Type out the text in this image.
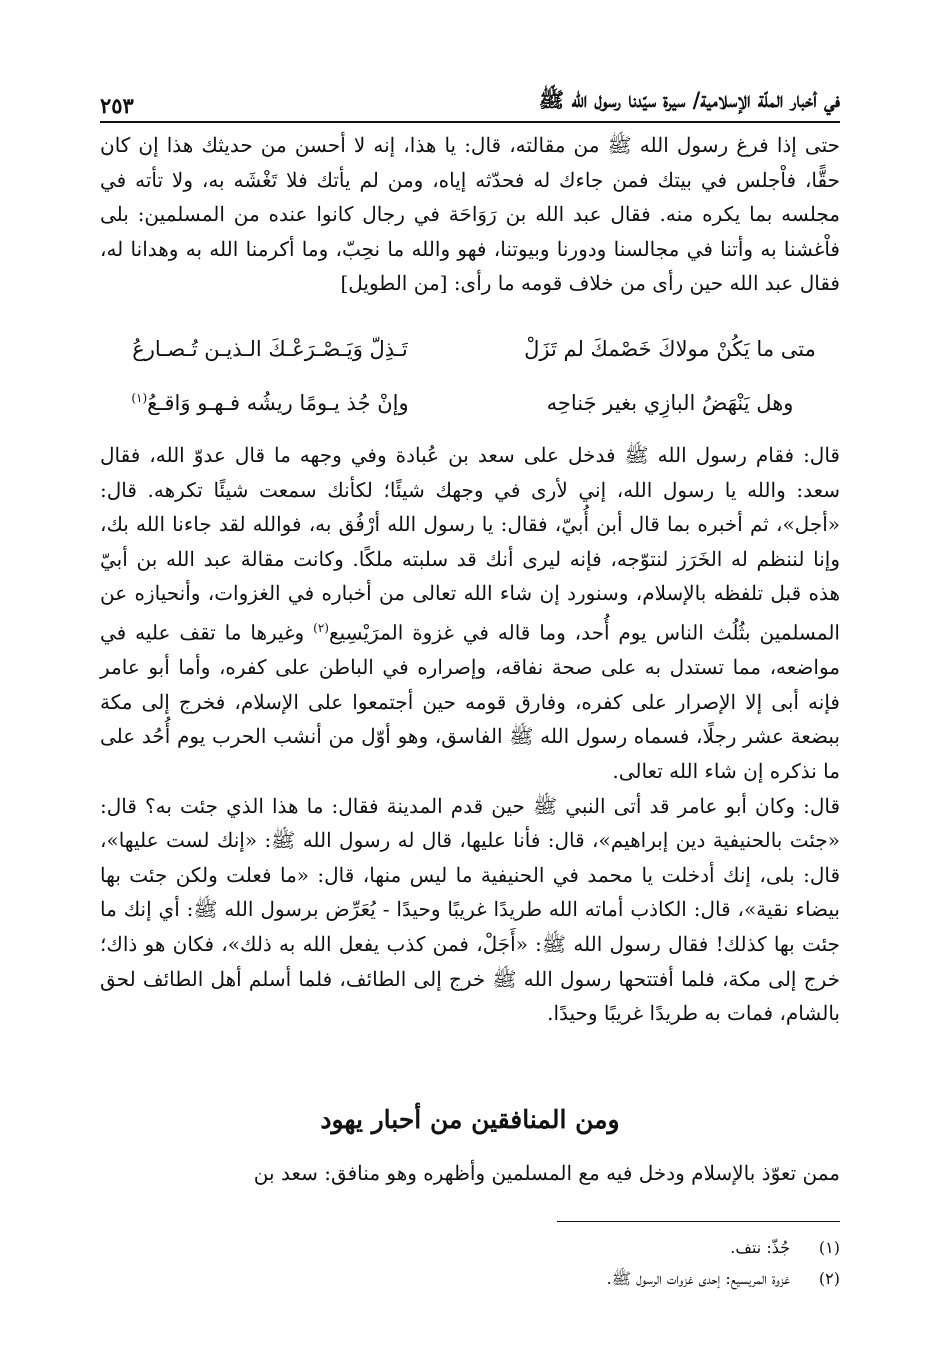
في أخبار الملّة الإسلامية/ سيرة سيّدنا رسول الله ﷺ
٢٥٣

حتى إذا فرغ رسول الله ﷺ من مقالته، قال: يا هذا، إنه لا أحسن من حديثك هذا إن كان حقًّا، فاْجلس في بيتك فمن جاءك له فحدّثه إياه، ومن لم يأتك فلا تَغْشَه به، ولا تأته في مجلسه بما يكره منه. فقال عبد الله بن رَوَاحَة في رجال كانوا عنده من المسلمين: بلى فاْغشنا به وأتنا في مجالسنا ودورنا وبيوتنا، فهو والله ما نحِبّ، وما أكرمنا الله به وهدانا له، فقال عبد الله حين رأى من خلاف قومه ما رأى: [من الطويل]

متى ما يَكُنْ مولاكَ خَصْمكَ لم تَزَلْ
تَـذِلّ وَيَـصْـرَعْـكَ الـذيـن تُـصـارعُ
وهل يَنْهَضُ البازِي بغير جَناحِه
وإنْ جُذ يـومًا ريشُه فـهـو وَاقـعُ$^{(١)}$

قال: فقام رسول الله ﷺ فدخل على سعد بن عُبادة وفي وجهه ما قال عدوّ الله، فقال سعد: والله يا رسول الله، إني لأرى في وجهك شيئًا؛ لكأنك سمعت شيئًا تكرهه. قال: «أجل»، ثم أخبره بما قال أبن أُبيّ، فقال: يا رسول الله أرْفُق به، فوالله لقد جاءنا الله بك، وإنا لننظم له الخَرَز لنتوّجه، فإنه ليرى أنك قد سلبته ملكًا. وكانت مقالة عبد الله بن أبيّ هذه قبل تلفظه بالإسلام، وسنورد إن شاء الله تعالى من أخباره في الغزوات، وأنحيازه عن المسلمين بثُلُث الناس يوم أُحد، وما قاله في غزوة المرَيْسِيع$^{(٢)}$ وغيرها ما تقف عليه في مواضعه، مما تستدل به على صحة نفاقه، وإصراره في الباطن على كفره، وأما أبو عامر فإنه أبى إلا الإصرار على كفره، وفارق قومه حين أجتمعوا على الإسلام، فخرج إلى مكة ببضعة عشر رجلًا، فسماه رسول الله ﷺ الفاسق، وهو أوّل من أنشب الحرب يوم أُحُد على ما نذكره إن شاء الله تعالى.

قال: وكان أبو عامر قد أتى النبي ﷺ حين قدم المدينة فقال: ما هذا الذي جئت به؟ قال: «جئت بالحنيفية دين إبراهيم»، قال: فأنا عليها، قال له رسول الله ﷺ: «إنك لست عليها»، قال: بلى، إنك أدخلت يا محمد في الحنيفية ما ليس منها، قال: «ما فعلت ولكن جئت بها بيضاء نقية»، قال: الكاذب أماته الله طريدًا غريبًا وحيدًا - يُعَرِّض برسول الله ﷺ: أي إنك ما جئت بها كذلك! فقال رسول الله ﷺ: «أَجَلْ، فمن كذب يفعل الله به ذلك»، فكان هو ذاك؛ خرج إلى مكة، فلما أفتتحها رسول الله ﷺ خرج إلى الطائف، فلما أسلم أهل الطائف لحق بالشام، فمات به طريدًا غريبًا وحيدًا.

ومن المنافقين من أحبار يهود
ممن تعوّذ بالإسلام ودخل فيه مع المسلمين وأظهره وهو منافق: سعد بن
(١)
جُذّ: نتف.
(٢)
غزوة المريسيع: إحدى غزوات الرسول ﷺ.
